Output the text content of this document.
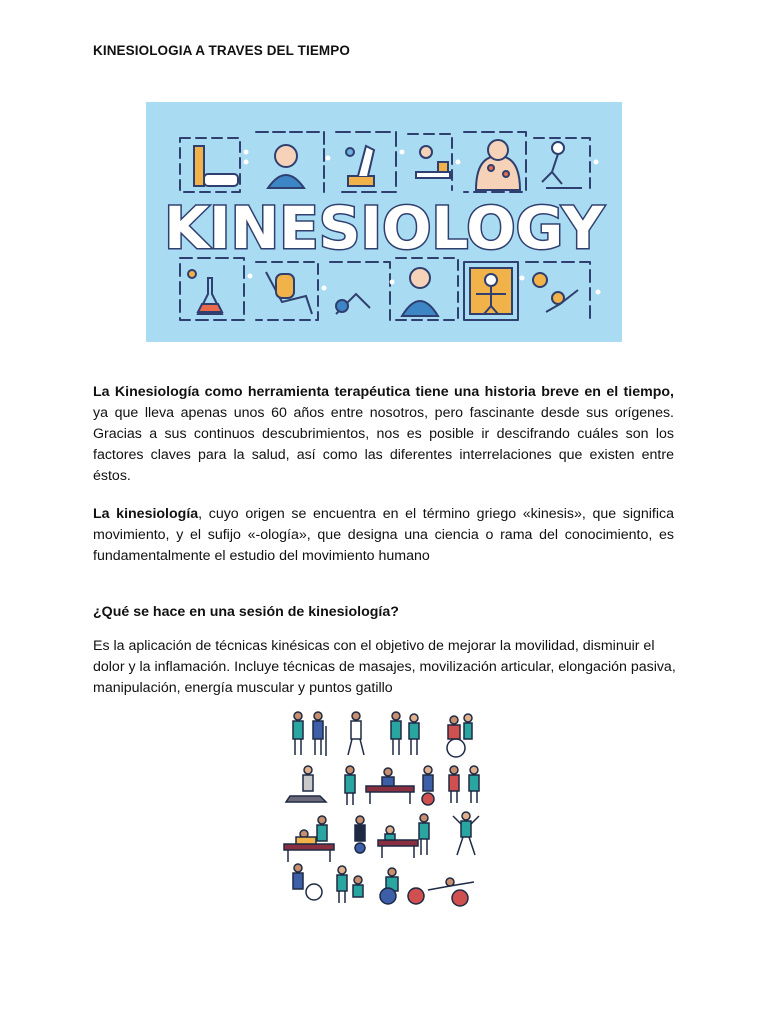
KINESIOLOGIA A TRAVES DEL TIEMPO
KINESIOLOGY

La Kinesiología como herramienta terapéutica tiene una historia breve en el tiempo, ya que lleva apenas unos 60 años entre nosotros, pero fascinante desde sus orígenes. Gracias a sus continuos descubrimientos, nos es posible ir descifrando cuáles son los factores claves para la salud, así como las diferentes interrelaciones que existen entre éstos.

La kinesiología, cuyo origen se encuentra en el término griego «kinesis», que significa movimiento, y el sufijo «-ología», que designa una ciencia o rama del conocimiento, es fundamentalmente el estudio del movimiento humano

¿Qué se hace en una sesión de kinesiología?

Es la aplicación de técnicas kinésicas con el objetivo de mejorar la movilidad, disminuir el dolor y la inflamación. Incluye técnicas de masajes, movilización articular, elongación pasiva, manipulación, energía muscular y puntos gatillo
